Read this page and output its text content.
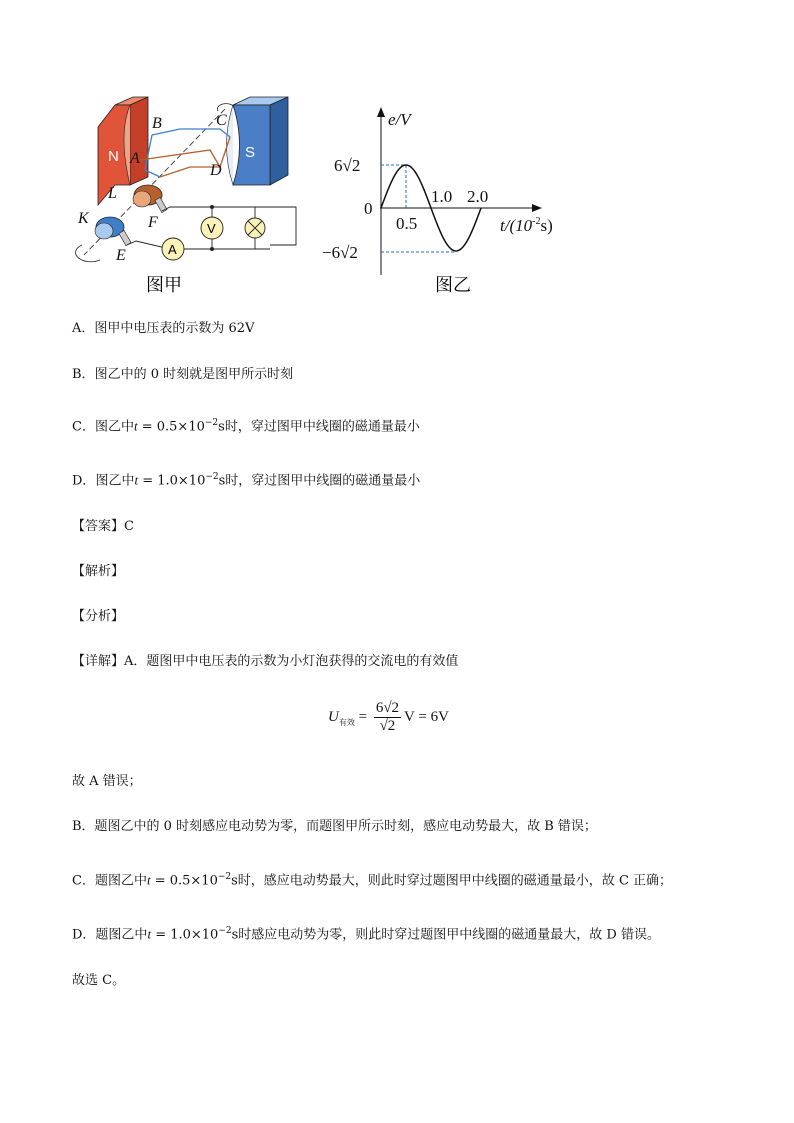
N	S
V
A
B
A
C
D
L
F
K
E
图甲
e/V
6√2
−6√2
0
0.5
1.0 2.0
$t/(10^{-2}s)$
图乙
A．图甲中电压表的示数为 62V
B．图乙中的 0 时刻就是图甲所示时刻
C．图乙中$t = 0.5\times 10^{-2}s$时，穿过图甲中线圈的磁通量最小
D．图乙中$t = 1.0\times 10^{-2}s$时，穿过图甲中线圈的磁通量最小
【答案】C
【解析】
【分析】
【详解】A．题图甲中电压表的示数为小灯泡获得的交流电的有效值
$U_{有效} = \frac{6√2}{√2}$ V = 6V
故 A 错误；
B．题图乙中的 0 时刻感应电动势为零，而题图甲所示时刻，感应电动势最大，故 B 错误；
C．题图乙中$t = 0.5\times 10^{-2}s$时，感应电动势最大，则此时穿过题图甲中线圈的磁通量最小，故 C 正确；
D．题图乙中$t = 1.0\times 10^{-2}s$时感应电动势为零，则此时穿过题图甲中线圈的磁通量最大，故 D 错误。
故选 C。
